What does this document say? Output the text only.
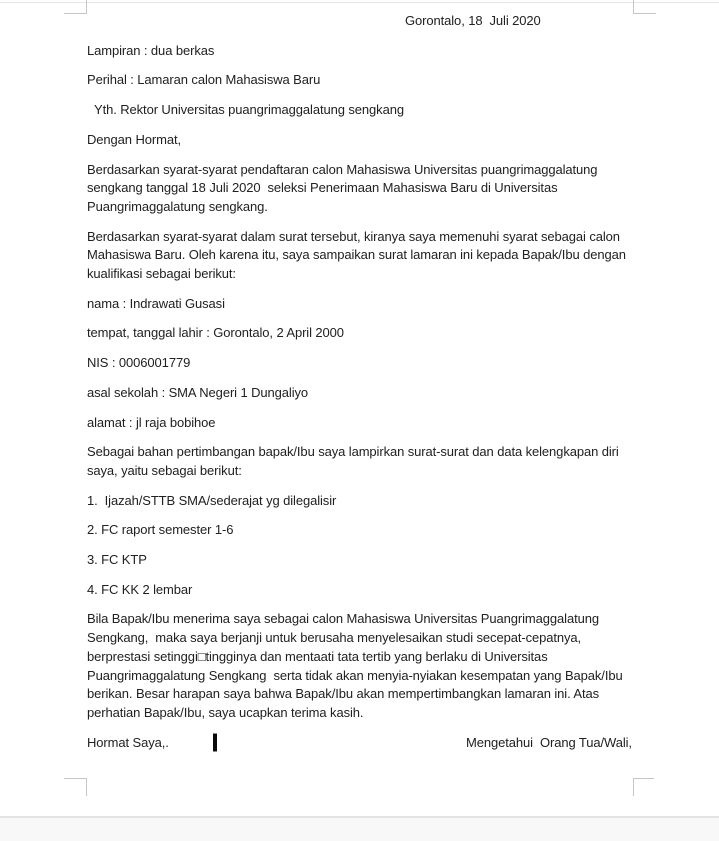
Gorontalo, 18  Juli 2020

Lampiran : dua berkas

Perihal : Lamaran calon Mahasiswa Baru

Yth. Rektor Universitas puangrimaggalatung sengkang

Dengan Hormat,

Berdasarkan syarat-syarat pendaftaran calon Mahasiswa Universitas puangrimaggalatung sengkang tanggal 18 Juli 2020  seleksi Penerimaan Mahasiswa Baru di Universitas Puangrimaggalatung sengkang.

Berdasarkan syarat-syarat dalam surat tersebut, kiranya saya memenuhi syarat sebagai calon Mahasiswa Baru. Oleh karena itu, saya sampaikan surat lamaran ini kepada Bapak/Ibu dengan kualifikasi sebagai berikut:

nama : Indrawati Gusasi

tempat, tanggal lahir : Gorontalo, 2 April 2000

NIS : 0006001779

asal sekolah : SMA Negeri 1 Dungaliyo

alamat : jl raja bobihoe

Sebagai bahan pertimbangan bapak/Ibu saya lampirkan surat-surat dan data kelengkapan diri saya, yaitu sebagai berikut:

1.  Ijazah/STTB SMA/sederajat yg dilegalisir

2. FC raport semester 1-6

3. FC KTP

4. FC KK 2 lembar

Bila Bapak/Ibu menerima saya sebagai calon Mahasiswa Universitas Puangrimaggalatung Sengkang,  maka saya berjanji untuk berusaha menyelesaikan studi secepat-cepatnya, berprestasi setinggi□tingginya dan mentaati tata tertib yang berlaku di Universitas Puangrimaggalatung Sengkang  serta tidak akan menyia-nyiakan kesempatan yang Bapak/Ibu berikan. Besar harapan saya bahwa Bapak/Ibu akan mempertimbangkan lamaran ini. Atas perhatian Bapak/Ibu, saya ucapkan terima kasih.

Hormat Saya,.	Mengetahui  Orang Tua/Wali,
